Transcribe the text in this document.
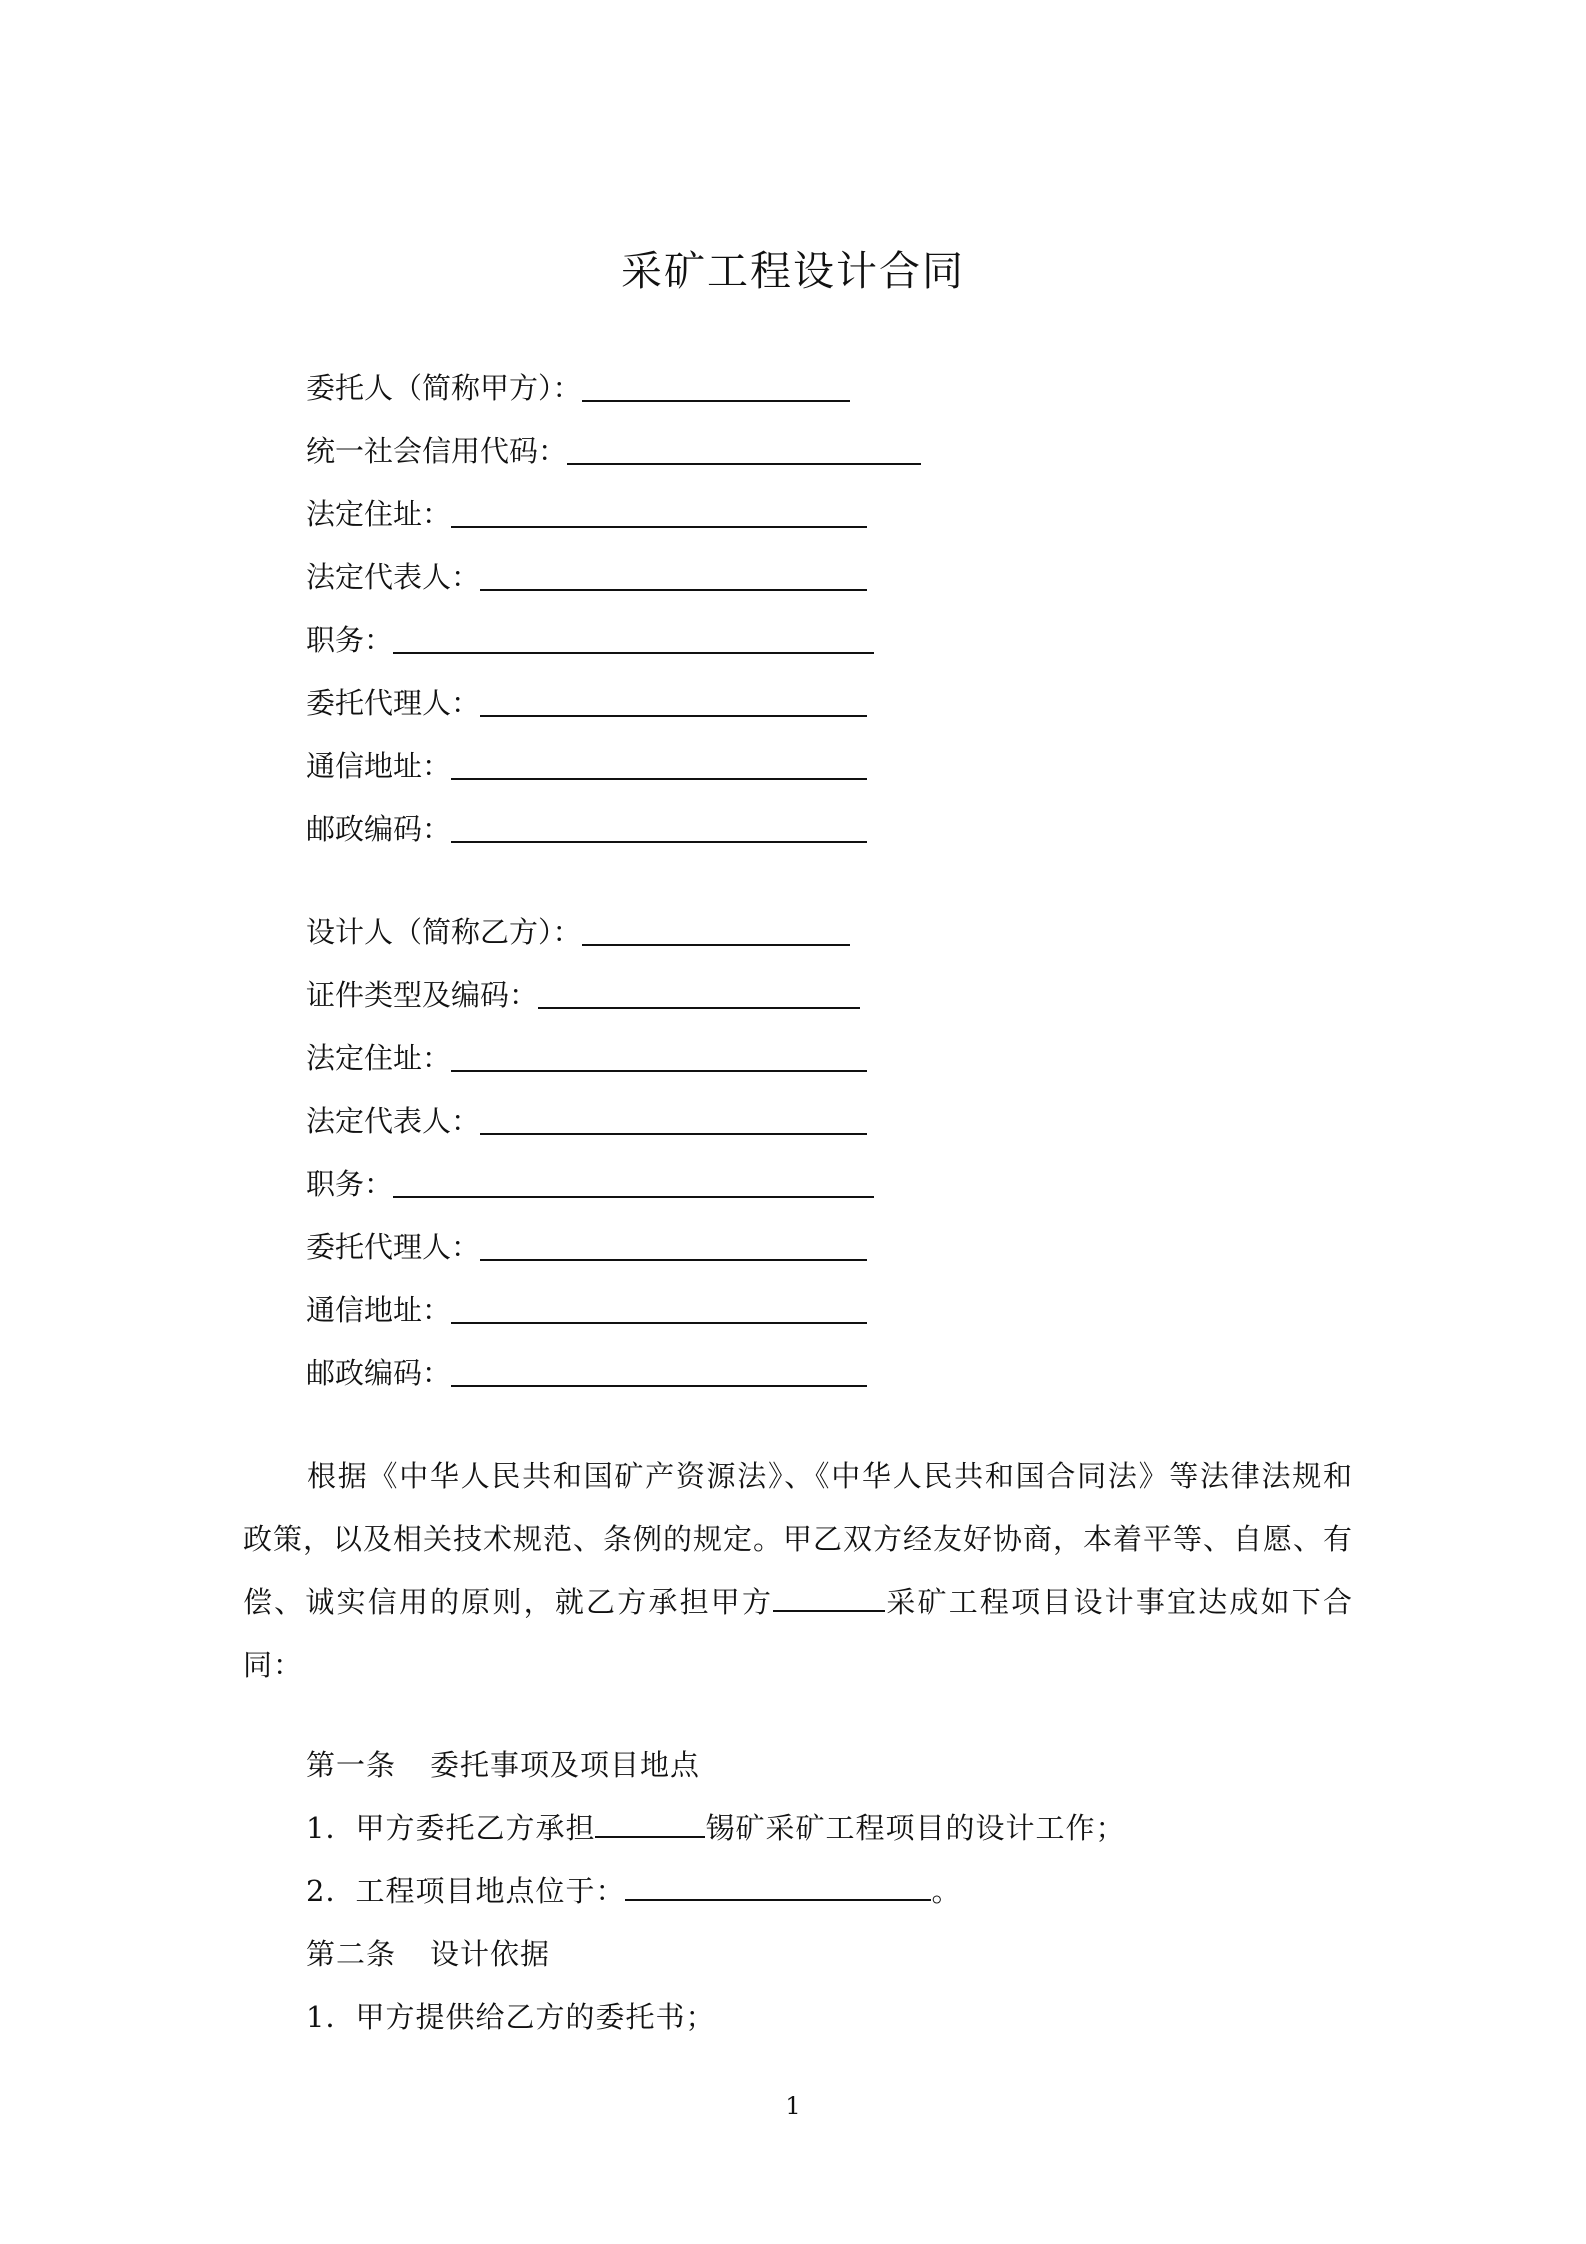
采矿工程设计合同
委托人（简称甲方）：
统一社会信用代码：
法定住址：
法定代表人：
职务：
委托代理人：
通信地址：
邮政编码：
设计人（简称乙方）：
证件类型及编码：
法定住址：
法定代表人：
职务：
委托代理人：
通信地址：
邮政编码：

根据《中华人民共和国矿产资源法》、《中华人民共和国合同法》等法律法规和政策，以及相关技术规范、条例的规定。甲乙双方经友好协商，本着平等、自愿、有偿、诚实信用的原则，就乙方承担甲方	采矿工程项目设计事宜达成如下合同：

第一条 委托事项及项目地点
1．甲方委托乙方承担	锡矿采矿工程项目的设计工作；
2．工程项目地点位于：	。
第二条 设计依据
1．甲方提供给乙方的委托书；
1
